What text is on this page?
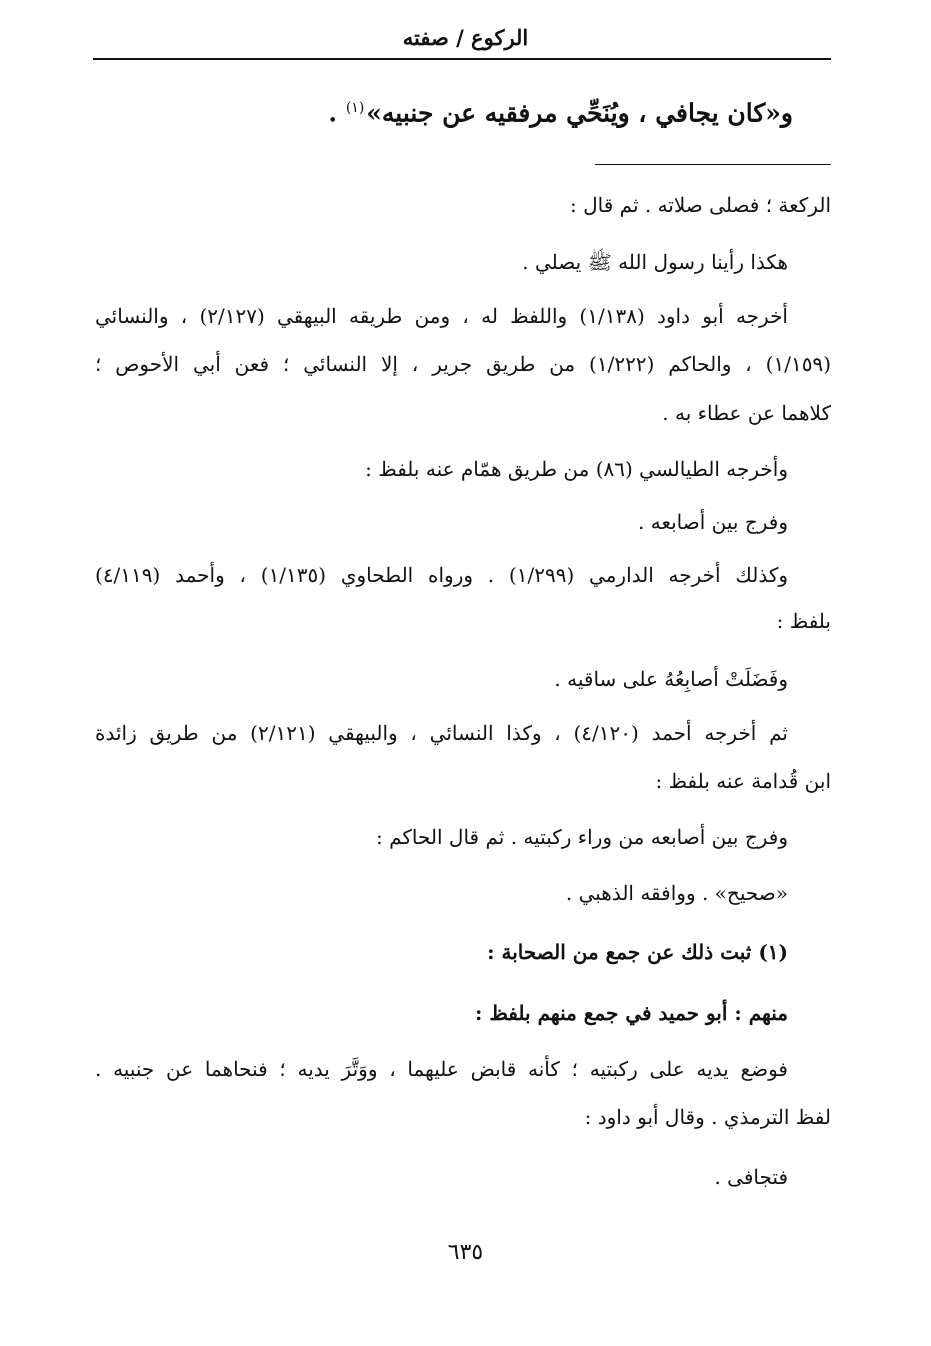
الركوع / صفته
و«كان يجافي ، ويُنَحِّي مرفقيه عن جنبيه»$^{(١)}$ .
الركعة ؛ فصلى صلاته . ثم قال :
هكذا رأينا رسول الله ﷺ يصلي .
أخرجه أبو داود (١/١٣٨) واللفظ له ، ومن طريقه البيهقي (٢/١٢٧) ، والنسائي
(١/١٥٩) ، والحاكم (١/٢٢٢) من طريق جرير ، إلا النسائي ؛ فعن أبي الأحوص ؛
كلاهما عن عطاء به .
وأخرجه الطيالسي (٨٦) من طريق همّام عنه بلفظ :
وفرج بين أصابعه .
وكذلك أخرجه الدارمي (١/٢٩٩) . ورواه الطحاوي (١/١٣٥) ، وأحمد (٤/١١٩)
بلفظ :
وفَضَلَتْ أصابِعُهُ على ساقيه .
ثم أخرجه أحمد (٤/١٢٠) ، وكذا النسائي ، والبيهقي (٢/١٢١) من طريق زائدة
ابن قُدامة عنه بلفظ :
وفرج بين أصابعه من وراء ركبتيه . ثم قال الحاكم :
«صحيح» . ووافقه الذهبي .
(١) ثبت ذلك عن جمع من الصحابة :
منهم : أبو حميد في جمع منهم بلفظ :
فوضع يديه على ركبتيه ؛ كأنه قابض عليهما ، ووَتَّرَ يديه ؛ فنحاهما عن جنبيه .
لفظ الترمذي . وقال أبو داود :
فتجافى .
٦٣٥
